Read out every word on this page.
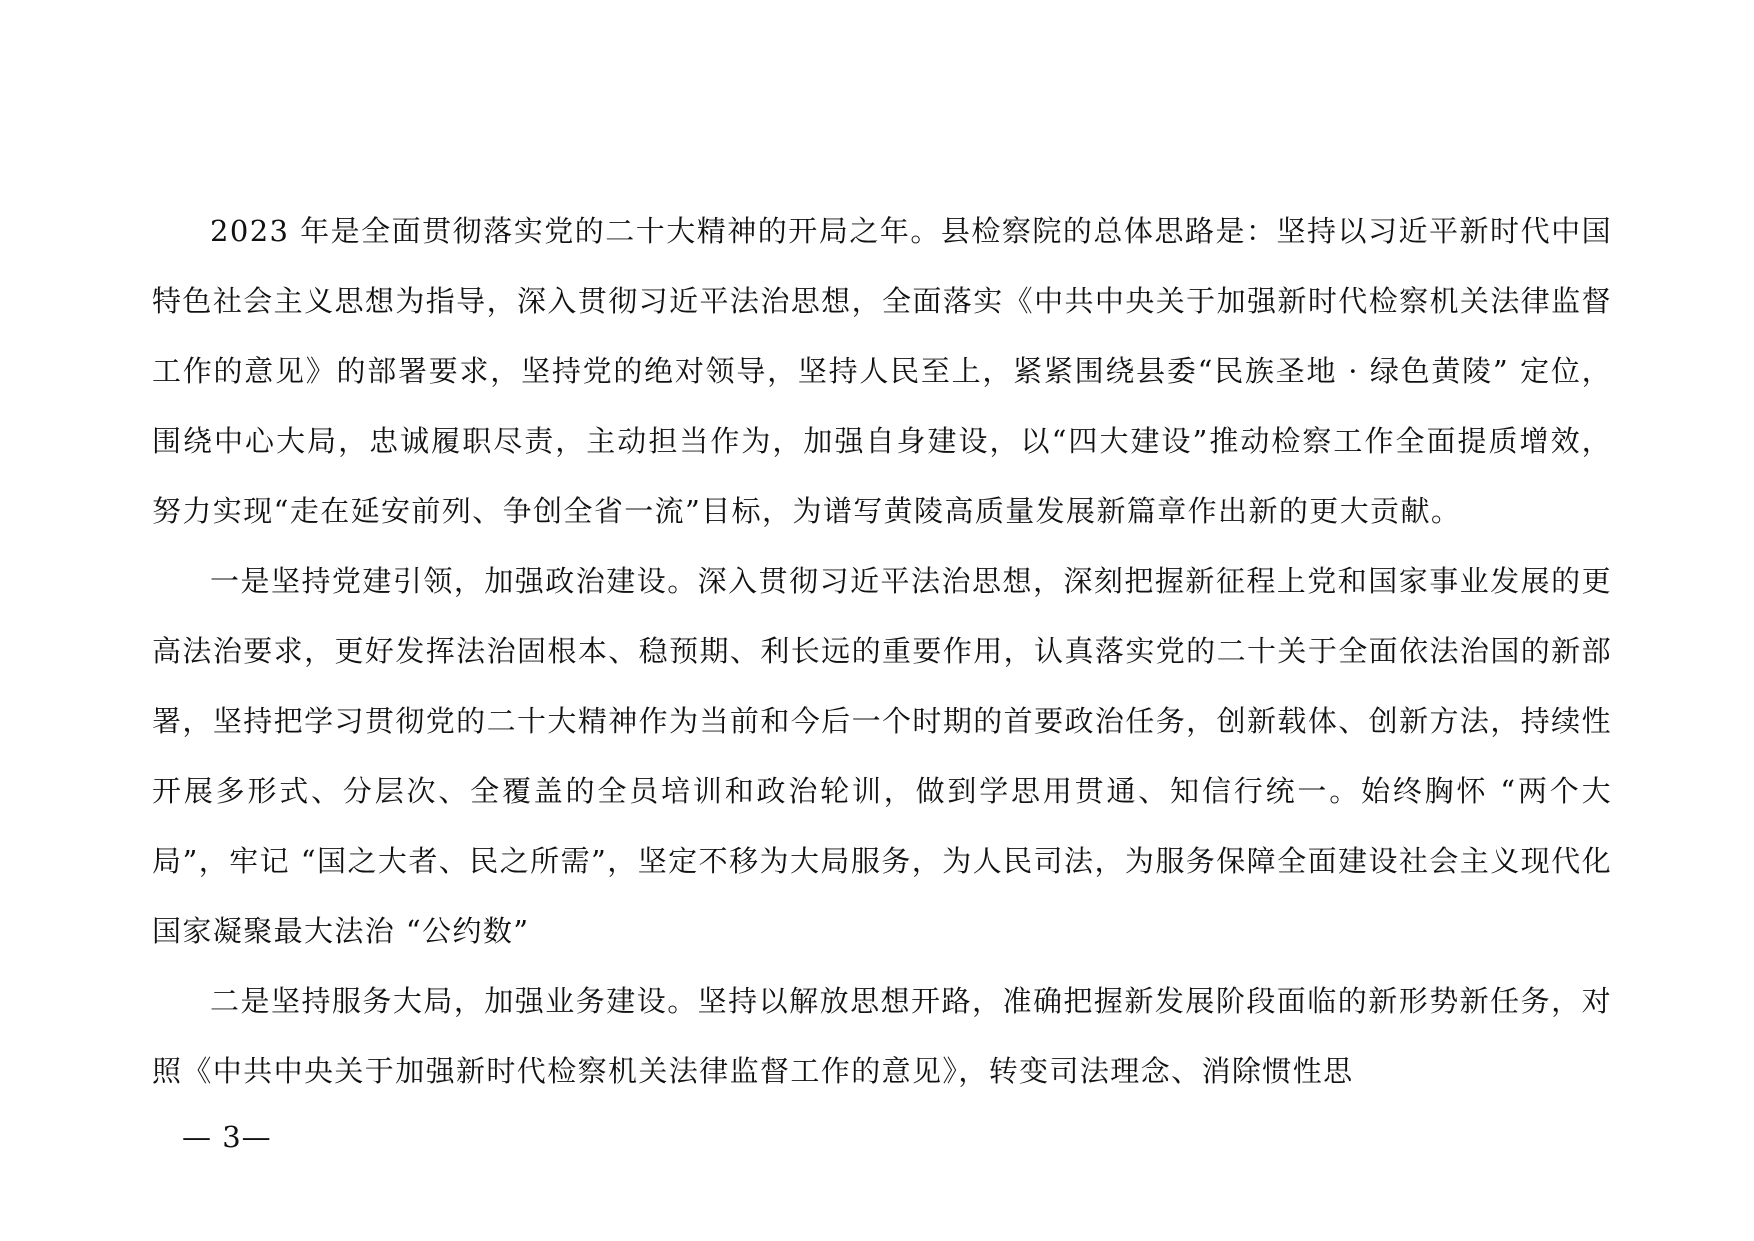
2023 年是全面贯彻落实党的二十大精神的开局之年。县检察院的总体思路是：坚持以习近平新时代中国特色社会主义思想为指导，深入贯彻习近平法治思想，全面落实《中共中央关于加强新时代检察机关法律监督工作的意见》的部署要求，坚持党的绝对领导，坚持人民至上，紧紧围绕县委“民族圣地 · 绿色黄陵” 定位，围绕中心大局，忠诚履职尽责，主动担当作为，加强自身建设，以“四大建设”推动检察工作全面提质增效，努力实现“走在延安前列、争创全省一流”目标，为谱写黄陵高质量发展新篇章作出新的更大贡献。

一是坚持党建引领，加强政治建设。深入贯彻习近平法治思想，深刻把握新征程上党和国家事业发展的更高法治要求，更好发挥法治固根本、稳预期、利长远的重要作用，认真落实党的二十关于全面依法治国的新部署，坚持把学习贯彻党的二十大精神作为当前和今后一个时期的首要政治任务，创新载体、创新方法，持续性开展多形式、分层次、全覆盖的全员培训和政治轮训，做到学思用贯通、知信行统一。始终胸怀 “两个大局”，牢记 “国之大者、民之所需”，坚定不移为大局服务，为人民司法，为服务保障全面建设社会主义现代化国家凝聚最大法治 “公约数”

二是坚持服务大局，加强业务建设。坚持以解放思想开路，准确把握新发展阶段面临的新形势新任务，对照《中共中央关于加强新时代检察机关法律监督工作的意见》，转变司法理念、消除惯性思

— 3—
